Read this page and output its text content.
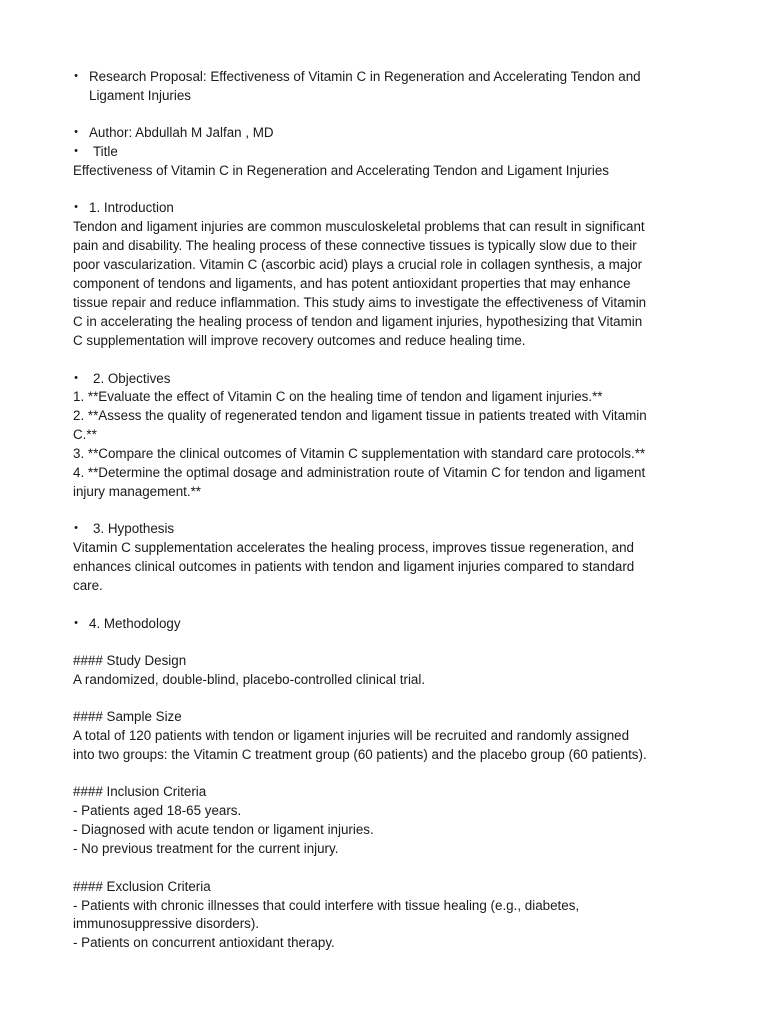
• Research Proposal: Effectiveness of Vitamin C in Regeneration and Accelerating Tendon and

Ligament Injuries

• Author: Abdullah M Jalfan , MD

• Title

Effectiveness of Vitamin C in Regeneration and Accelerating Tendon and Ligament Injuries

• 1. Introduction

Tendon and ligament injuries are common musculoskeletal problems that can result in significant

pain and disability. The healing process of these connective tissues is typically slow due to their

poor vascularization. Vitamin C (ascorbic acid) plays a crucial role in collagen synthesis, a major

component of tendons and ligaments, and has potent antioxidant properties that may enhance

tissue repair and reduce inflammation. This study aims to investigate the effectiveness of Vitamin

C in accelerating the healing process of tendon and ligament injuries, hypothesizing that Vitamin

C supplementation will improve recovery outcomes and reduce healing time.

• 2. Objectives

1. **Evaluate the effect of Vitamin C on the healing time of tendon and ligament injuries.**

2. **Assess the quality of regenerated tendon and ligament tissue in patients treated with Vitamin

C.**

3. **Compare the clinical outcomes of Vitamin C supplementation with standard care protocols.**

4. **Determine the optimal dosage and administration route of Vitamin C for tendon and ligament

injury management.**

• 3. Hypothesis

Vitamin C supplementation accelerates the healing process, improves tissue regeneration, and

enhances clinical outcomes in patients with tendon and ligament injuries compared to standard

care.

• 4. Methodology

#### Study Design

A randomized, double-blind, placebo-controlled clinical trial.

#### Sample Size

A total of 120 patients with tendon or ligament injuries will be recruited and randomly assigned

into two groups: the Vitamin C treatment group (60 patients) and the placebo group (60 patients).

#### Inclusion Criteria

- Patients aged 18-65 years.

- Diagnosed with acute tendon or ligament injuries.

- No previous treatment for the current injury.

#### Exclusion Criteria

- Patients with chronic illnesses that could interfere with tissue healing (e.g., diabetes,

immunosuppressive disorders).

- Patients on concurrent antioxidant therapy.
